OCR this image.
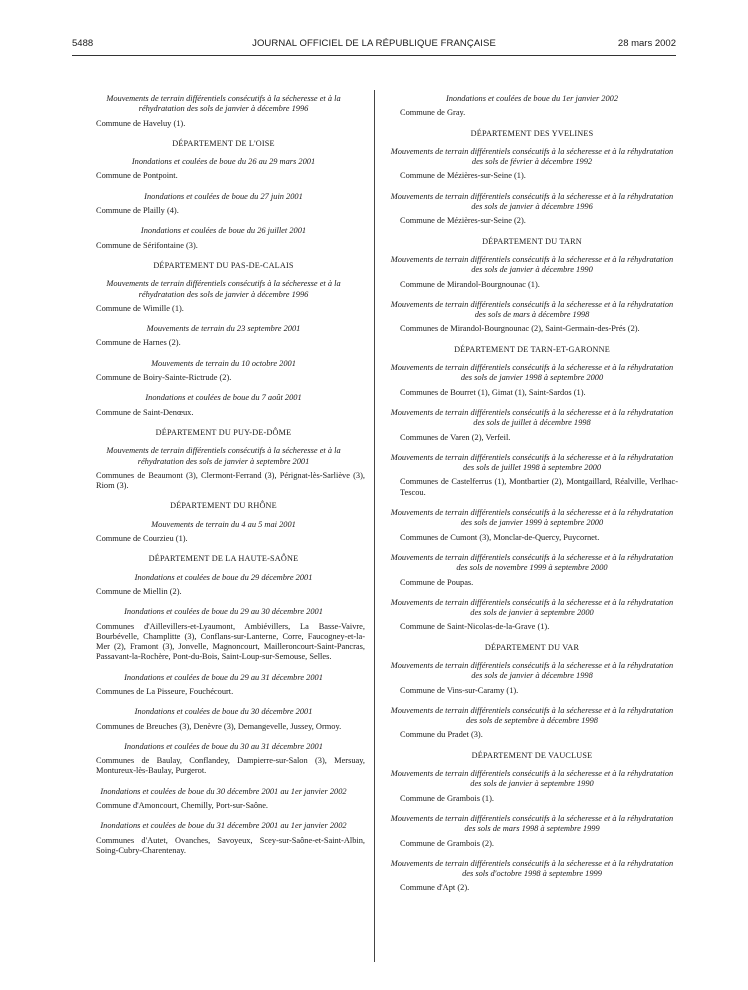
5488	JOURNAL OFFICIEL DE LA RÉPUBLIQUE FRANÇAISE	28 mars 2002

Mouvements de terrain différentiels consécutifs à la sécheresse et à la réhydratation des sols de janvier à décembre 1996

Commune de Haveluy (1).

DÉPARTEMENT DE L'OISE

Inondations et coulées de boue du 26 au 29 mars 2001

Commune de Pontpoint.

Inondations et coulées de boue du 27 juin 2001

Commune de Plailly (4).

Inondations et coulées de boue du 26 juillet 2001

Commune de Sérifontaine (3).

DÉPARTEMENT DU PAS-DE-CALAIS

Mouvements de terrain différentiels consécutifs à la sécheresse et à la réhydratation des sols de janvier à décembre 1996

Commune de Wimille (1).

Mouvements de terrain du 23 septembre 2001

Commune de Harnes (2).

Mouvements de terrain du 10 octobre 2001

Commune de Boiry-Sainte-Rictrude (2).

Inondations et coulées de boue du 7 août 2001

Commune de Saint-Denœux.

DÉPARTEMENT DU PUY-DE-DÔME

Mouvements de terrain différentiels consécutifs à la sécheresse et à la réhydratation des sols de janvier à septembre 2001

Communes de Beaumont (3), Clermont-Ferrand (3), Pérignat-lès-Sarliève (3), Riom (3).

DÉPARTEMENT DU RHÔNE

Mouvements de terrain du 4 au 5 mai 2001

Commune de Courzieu (1).

DÉPARTEMENT DE LA HAUTE-SAÔNE

Inondations et coulées de boue du 29 décembre 2001

Commune de Miellin (2).

Inondations et coulées de boue du 29 au 30 décembre 2001

Communes d'Aillevillers-et-Lyaumont, Ambiévillers, La Basse-Vaivre, Bourbévelle, Champlitte (3), Conflans-sur-Lanterne, Corre, Faucogney-et-la-Mer (2), Framont (3), Jonvelle, Magnoncourt, Mailleroncourt-Saint-Pancras, Passavant-la-Rochère, Pont-du-Bois, Saint-Loup-sur-Semouse, Selles.

Inondations et coulées de boue du 29 au 31 décembre 2001

Communes de La Pisseure, Fouchécourt.

Inondations et coulées de boue du 30 décembre 2001

Communes de Breuches (3), Denèvre (3), Demangevelle, Jussey, Ormoy.

Inondations et coulées de boue du 30 au 31 décembre 2001

Communes de Baulay, Conflandey, Dampierre-sur-Salon (3), Mersuay, Montureux-lès-Baulay, Purgerot.

Inondations et coulées de boue du 30 décembre 2001 au 1er janvier 2002

Commune d'Amoncourt, Chemilly, Port-sur-Saône.

Inondations et coulées de boue du 31 décembre 2001 au 1er janvier 2002

Communes d'Autet, Ovanches, Savoyeux, Scey-sur-Saône-et-Saint-Albin, Soing-Cubry-Charentenay.

Inondations et coulées de boue du 1er janvier 2002

Commune de Gray.

DÉPARTEMENT DES YVELINES

Mouvements de terrain différentiels consécutifs à la sécheresse et à la réhydratation des sols de février à décembre 1992

Commune de Mézières-sur-Seine (1).

Mouvements de terrain différentiels consécutifs à la sécheresse et à la réhydratation des sols de janvier à décembre 1996

Commune de Mézières-sur-Seine (2).

DÉPARTEMENT DU TARN

Mouvements de terrain différentiels consécutifs à la sécheresse et à la réhydratation des sols de janvier à décembre 1990

Commune de Mirandol-Bourgnounac (1).

Mouvements de terrain différentiels consécutifs à la sécheresse et à la réhydratation des sols de mars à décembre 1998

Communes de Mirandol-Bourgnounac (2), Saint-Germain-des-Prés (2).

DÉPARTEMENT DE TARN-ET-GARONNE

Mouvements de terrain différentiels consécutifs à la sécheresse et à la réhydratation des sols de janvier 1998 à septembre 2000

Communes de Bourret (1), Gimat (1), Saint-Sardos (1).

Mouvements de terrain différentiels consécutifs à la sécheresse et à la réhydratation des sols de juillet à décembre 1998

Communes de Varen (2), Verfeil.

Mouvements de terrain différentiels consécutifs à la sécheresse et à la réhydratation des sols de juillet 1998 à septembre 2000

Communes de Castelferrus (1), Montbartier (2), Montgaillard, Réalville, Verlhac-Tescou.

Mouvements de terrain différentiels consécutifs à la sécheresse et à la réhydratation des sols de janvier 1999 à septembre 2000

Communes de Cumont (3), Monclar-de-Quercy, Puycornet.

Mouvements de terrain différentiels consécutifs à la sécheresse et à la réhydratation des sols de novembre 1999 à septembre 2000

Commune de Poupas.

Mouvements de terrain différentiels consécutifs à la sécheresse et à la réhydratation des sols de janvier à septembre 2000

Commune de Saint-Nicolas-de-la-Grave (1).

DÉPARTEMENT DU VAR

Mouvements de terrain différentiels consécutifs à la sécheresse et à la réhydratation des sols de janvier à décembre 1998

Commune de Vins-sur-Caramy (1).

Mouvements de terrain différentiels consécutifs à la sécheresse et à la réhydratation des sols de septembre à décembre 1998

Commune du Pradet (3).

DÉPARTEMENT DE VAUCLUSE

Mouvements de terrain différentiels consécutifs à la sécheresse et à la réhydratation des sols de janvier à septembre 1990

Commune de Grambois (1).

Mouvements de terrain différentiels consécutifs à la sécheresse et à la réhydratation des sols de mars 1998 à septembre 1999

Commune de Grambois (2).

Mouvements de terrain différentiels consécutifs à la sécheresse et à la réhydratation des sols d'octobre 1998 à septembre 1999

Commune d'Apt (2).
